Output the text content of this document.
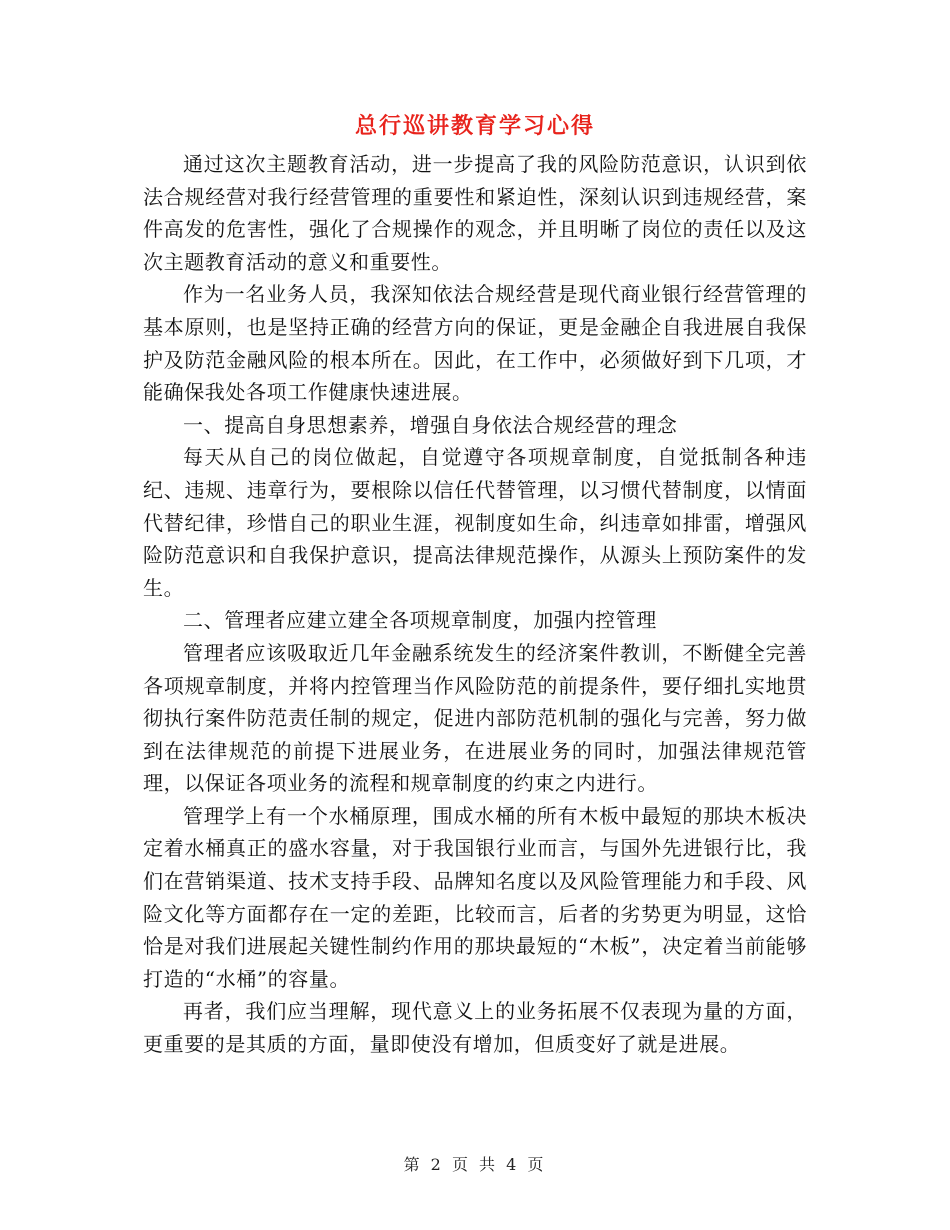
总行巡讲教育学习心得

通过这次主题教育活动，进一步提高了我的风险防范意识，认识到依法合规经营对我行经营管理的重要性和紧迫性，深刻认识到违规经营，案件高发的危害性，强化了合规操作的观念，并且明晰了岗位的责任以及这次主题教育活动的意义和重要性。

作为一名业务人员，我深知依法合规经营是现代商业银行经营管理的基本原则，也是坚持正确的经营方向的保证，更是金融企自我进展自我保护及防范金融风险的根本所在。因此，在工作中，必须做好到下几项，才能确保我处各项工作健康快速进展。

一、提高自身思想素养，增强自身依法合规经营的理念

每天从自己的岗位做起，自觉遵守各项规章制度，自觉抵制各种违纪、违规、违章行为，要根除以信任代替管理，以习惯代替制度，以情面代替纪律，珍惜自己的职业生涯，视制度如生命，纠违章如排雷，增强风险防范意识和自我保护意识，提高法律规范操作，从源头上预防案件的发生。

二、管理者应建立建全各项规章制度，加强内控管理

管理者应该吸取近几年金融系统发生的经济案件教训，不断健全完善各项规章制度，并将内控管理当作风险防范的前提条件，要仔细扎实地贯彻执行案件防范责任制的规定，促进内部防范机制的强化与完善，努力做到在法律规范的前提下进展业务，在进展业务的同时，加强法律规范管理，以保证各项业务的流程和规章制度的约束之内进行。

管理学上有一个水桶原理，围成水桶的所有木板中最短的那块木板决定着水桶真正的盛水容量，对于我国银行业而言，与国外先进银行比，我们在营销渠道、技术支持手段、品牌知名度以及风险管理能力和手段、风险文化等方面都存在一定的差距，比较而言，后者的劣势更为明显，这恰恰是对我们进展起关键性制约作用的那块最短的“木板”，决定着当前能够打造的“水桶”的容量。

再者，我们应当理解，现代意义上的业务拓展不仅表现为量的方面，更重要的是其质的方面，量即使没有增加，但质变好了就是进展。

第 2 页 共 4 页
